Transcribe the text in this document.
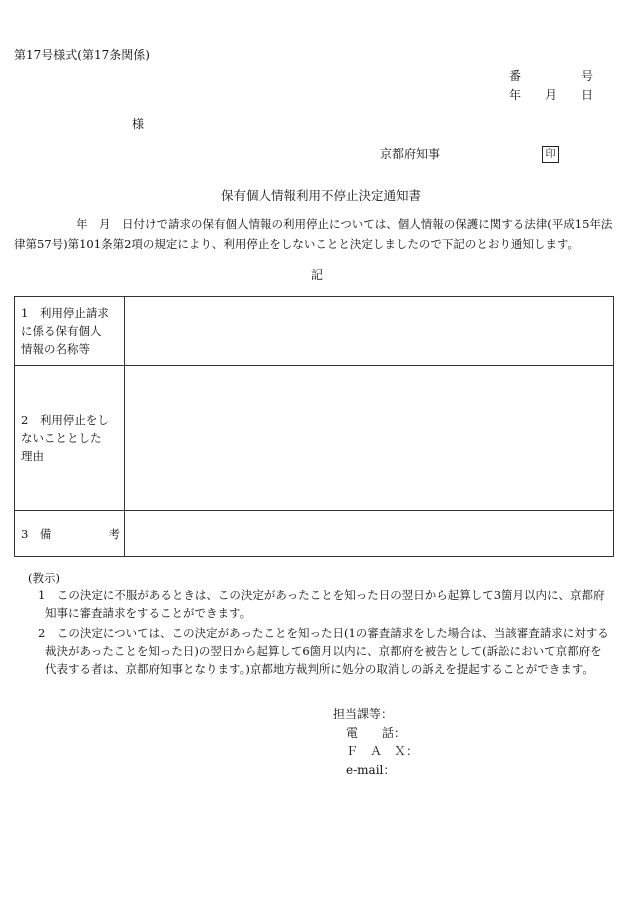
第17号様式(第17条関係)
番	号
年 月 日
様
京都府知事	印
保有個人情報利用不停止決定通知書
年　月　日付けで請求の保有個人情報の利用停止については、個人情報の保護に関する法律(平成15年法
律第57号)第101条第2項の規定により、利用停止をしないことと決定しましたので下記のとおり通知します。
記
1　利用停止請求
に係る保有個人
情報の名称等	

2　利用停止をし
ないこととした
理由	

3　備 考	

(教示)
1　この決定に不服があるときは、この決定があったことを知った日の翌日から起算して3箇月以内に、京都府
知事に審査請求をすることができます。
2　この決定については、この決定があったことを知った日(1の審査請求をした場合は、当該審査請求に対する
裁決があったことを知った日)の翌日から起算して6箇月以内に、京都府を被告として(訴訟において京都府を
代表する者は、京都府知事となります。)京都地方裁判所に処分の取消しの訴えを提起することができます。
担当課等：
電　　話：
Ｆ　Ａ　Ｘ：
e-mail：
